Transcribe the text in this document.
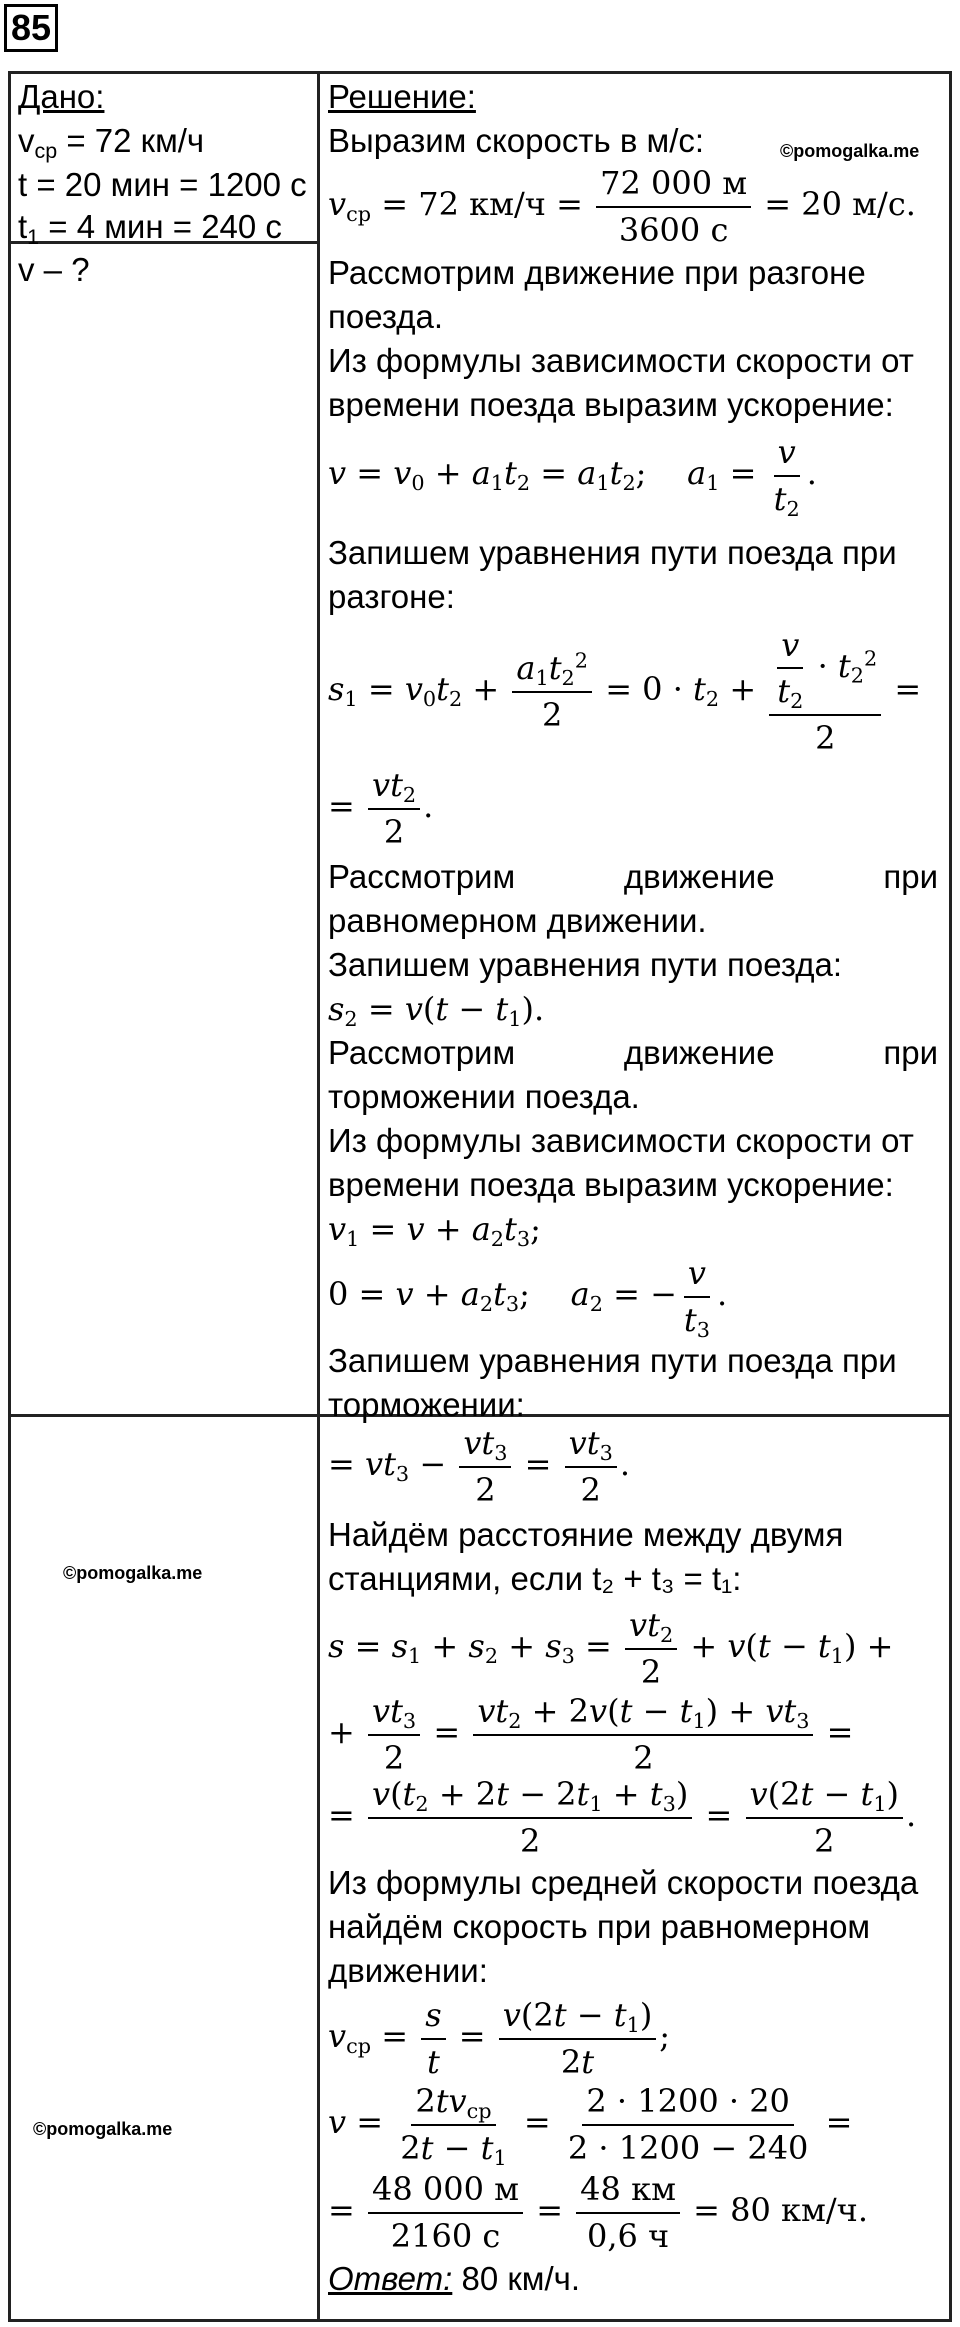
85
Дано:
$v_{ср} = 72$ км/ч
t = 20 мин = 1200 с
$t_1 = 4$ мин = 240 с
v – ?
Решение:
Выразим скорость в м/с:	©pomogalka.me
$v_{ср} = 72$ $км/ч = \frac{72 000 м}{3600 с} = 20$ м/с.
Рассмотрим движение при разгоне
поезда.
Из формулы зависимости скорости от
времени поезда выразим ускорение:
$v = v_0 + a_1t_2 = a_1t_2$;    $a_1 = \frac{v}{t_2}$ .
Запишем уравнения пути поезда при
разгоне:
$s_1 = v_0t_2 + \frac{a_1t_2^2}{2} = 0 \cdot t_2 + \frac{\frac{v}{t_2} \cdot t_2^2}{2}$ =
= $\frac{vt_2}{2}$ .
Рассмотрим	движение	при
равномерном движении.
Запишем уравнения пути поезда:
$s_2 = v(t - t_1)$.
Рассмотрим	движение	при
торможении поезда.
Из формулы зависимости скорости от
времени поезда выразим ускорение:
$v_1 = v + a_2t_3$;
$0 = v + a_2t_3$;    $a_2$ = − $\frac{v}{t_3}$ .
Запишем уравнения пути поезда при
торможении:
= $vt_3 - \frac{vt_3}{2} = \frac{vt_3}{2}$ .
©pomogalka.me
Найдём расстояние между двумя
станциями, если t₂ + t₃ = t₁:
$s = s_1 + s_2 + s_3 = \frac{vt_2}{2} + v(t - t_1)$ +
+ $\frac{vt_3}{2} = \frac{vt_2 + 2v(t - t_1) + vt_3}{2}$ =
= $\frac{v(t_2 + 2t - 2t_1 + t_3)}{2} = \frac{v(2t - t_1)}{2}$ .
Из формулы средней скорости поезда
найдём скорость при равномерном
движении:
$v_{ср} = \frac{s}{t} = \frac{v(2t - t_1)}{2t}$ ;
©pomogalka.me	$v = \frac{2tv_{ср}}{2t - t_1} = \frac{2 \cdot 1200 \cdot 20}{2 \cdot 1200 - 240}$ =
= $\frac{48 000 м}{2160 с} = \frac{48 км}{0,6 ч} = 80$ км/ч.
Ответ: 80 км/ч.
